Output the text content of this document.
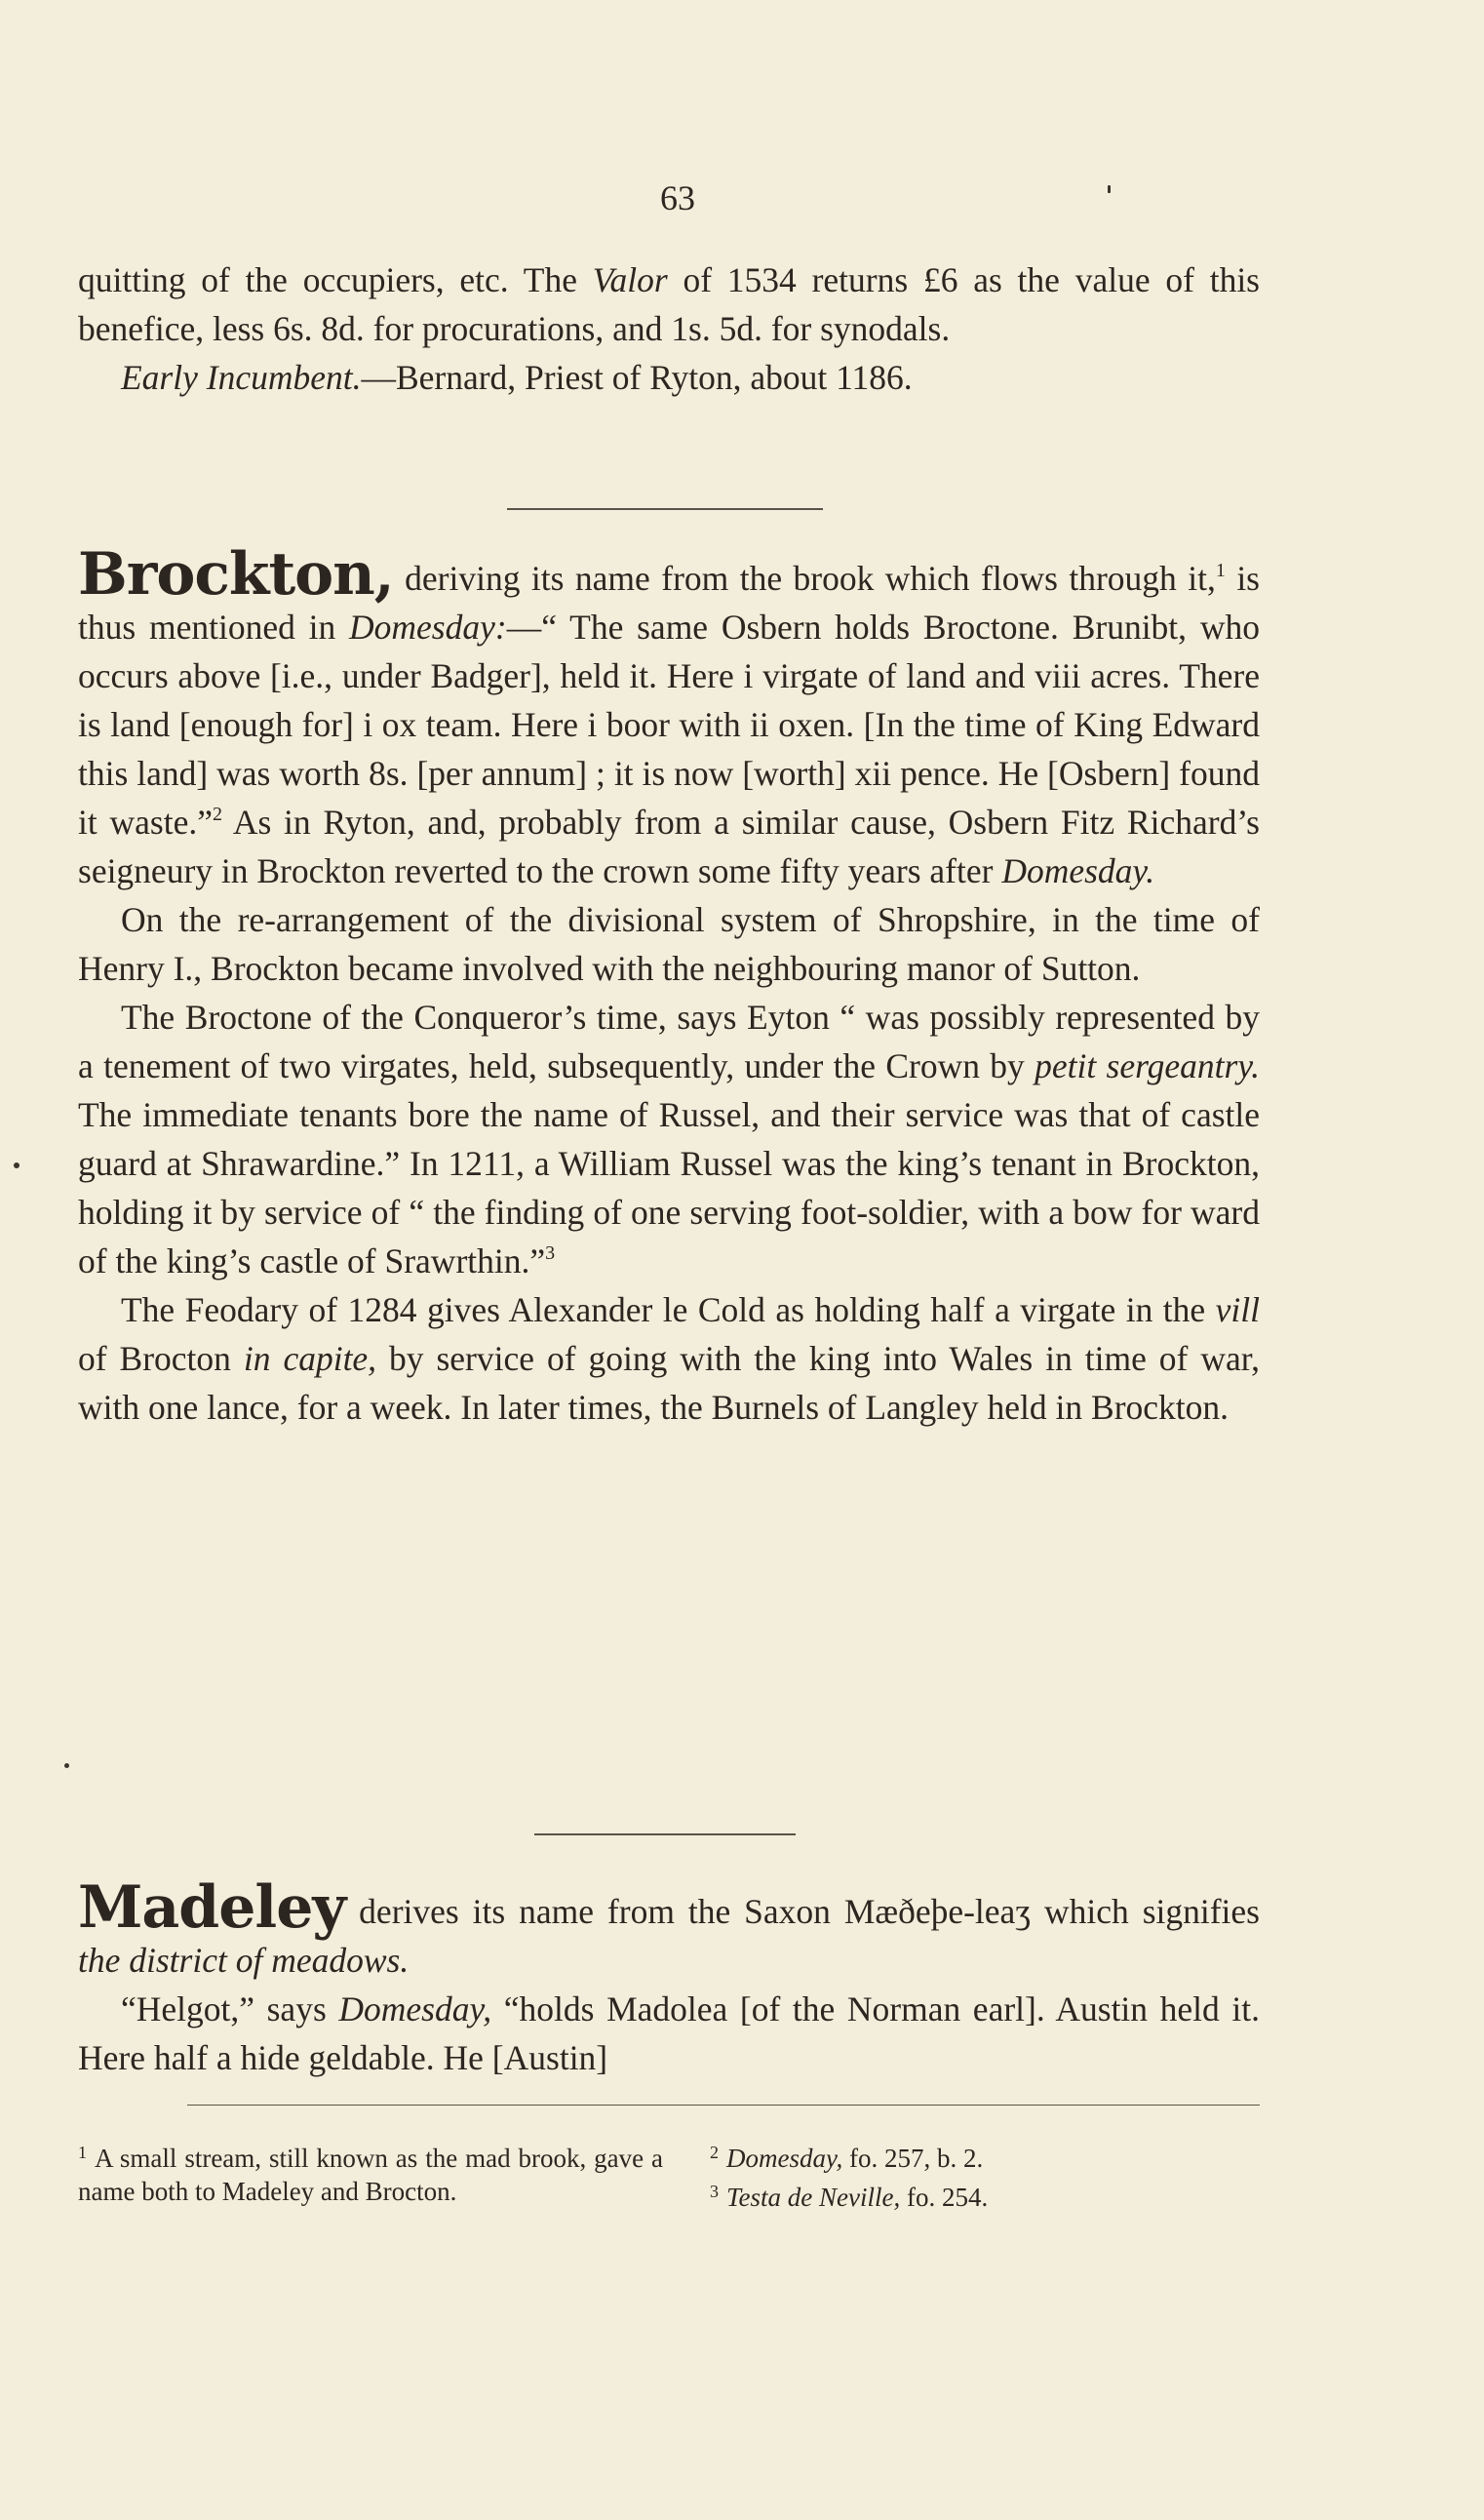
63

quitting of the occupiers, etc. The Valor of 1534 returns £6 as the value of this benefice, less 6s. 8d. for procurations, and 1s. 5d. for synodals.

Early Incumbent.—Bernard, Priest of Ryton, about 1186.

Brockton, deriving its name from the brook which flows through it,$^1$ is thus mentioned in Domesday:—“ The same Osbern holds Broctone. Brunibt, who occurs above [i.e., under Badger], held it. Here i virgate of land and viii acres. There is land [enough for] i ox team. Here i boor with ii oxen. [In the time of King Edward this land] was worth 8s. [per annum] ; it is now [worth] xii pence. He [Osbern] found it waste.”$^2$ As in Ryton, and, probably from a similar cause, Osbern Fitz Richard’s seigneury in Brockton reverted to the crown some fifty years after Domesday.

On the re-arrangement of the divisional system of Shropshire, in the time of Henry I., Brockton became involved with the neighbouring manor of Sutton.

The Broctone of the Conqueror’s time, says Eyton “ was possibly represented by a tenement of two virgates, held, subsequently, under the Crown by petit sergeantry. The immediate tenants bore the name of Russel, and their service was that of castle guard at Shrawardine.” In 1211, a William Russel was the king’s tenant in Brockton, holding it by service of “ the finding of one serving foot-soldier, with a bow for ward of the king’s castle of Srawrthin.”$^3$

The Feodary of 1284 gives Alexander le Cold as holding half a virgate in the vill of Brocton in capite, by service of going with the king into Wales in time of war, with one lance, for a week. In later times, the Burnels of Langley held in Brockton.

Madeley derives its name from the Saxon Mæðeþe-leaʒ which signifies the district of meadows.

“Helgot,” says Domesday, “holds Madolea [of the Norman earl]. Austin held it. Here half a hide geldable. He [Austin]

$^1$ A small stream, still known as the mad brook, gave a name both to Madeley and Brocton.
$^2$ Domesday, fo. 257, b. 2.
$^3$ Testa de Neville, fo. 254.
